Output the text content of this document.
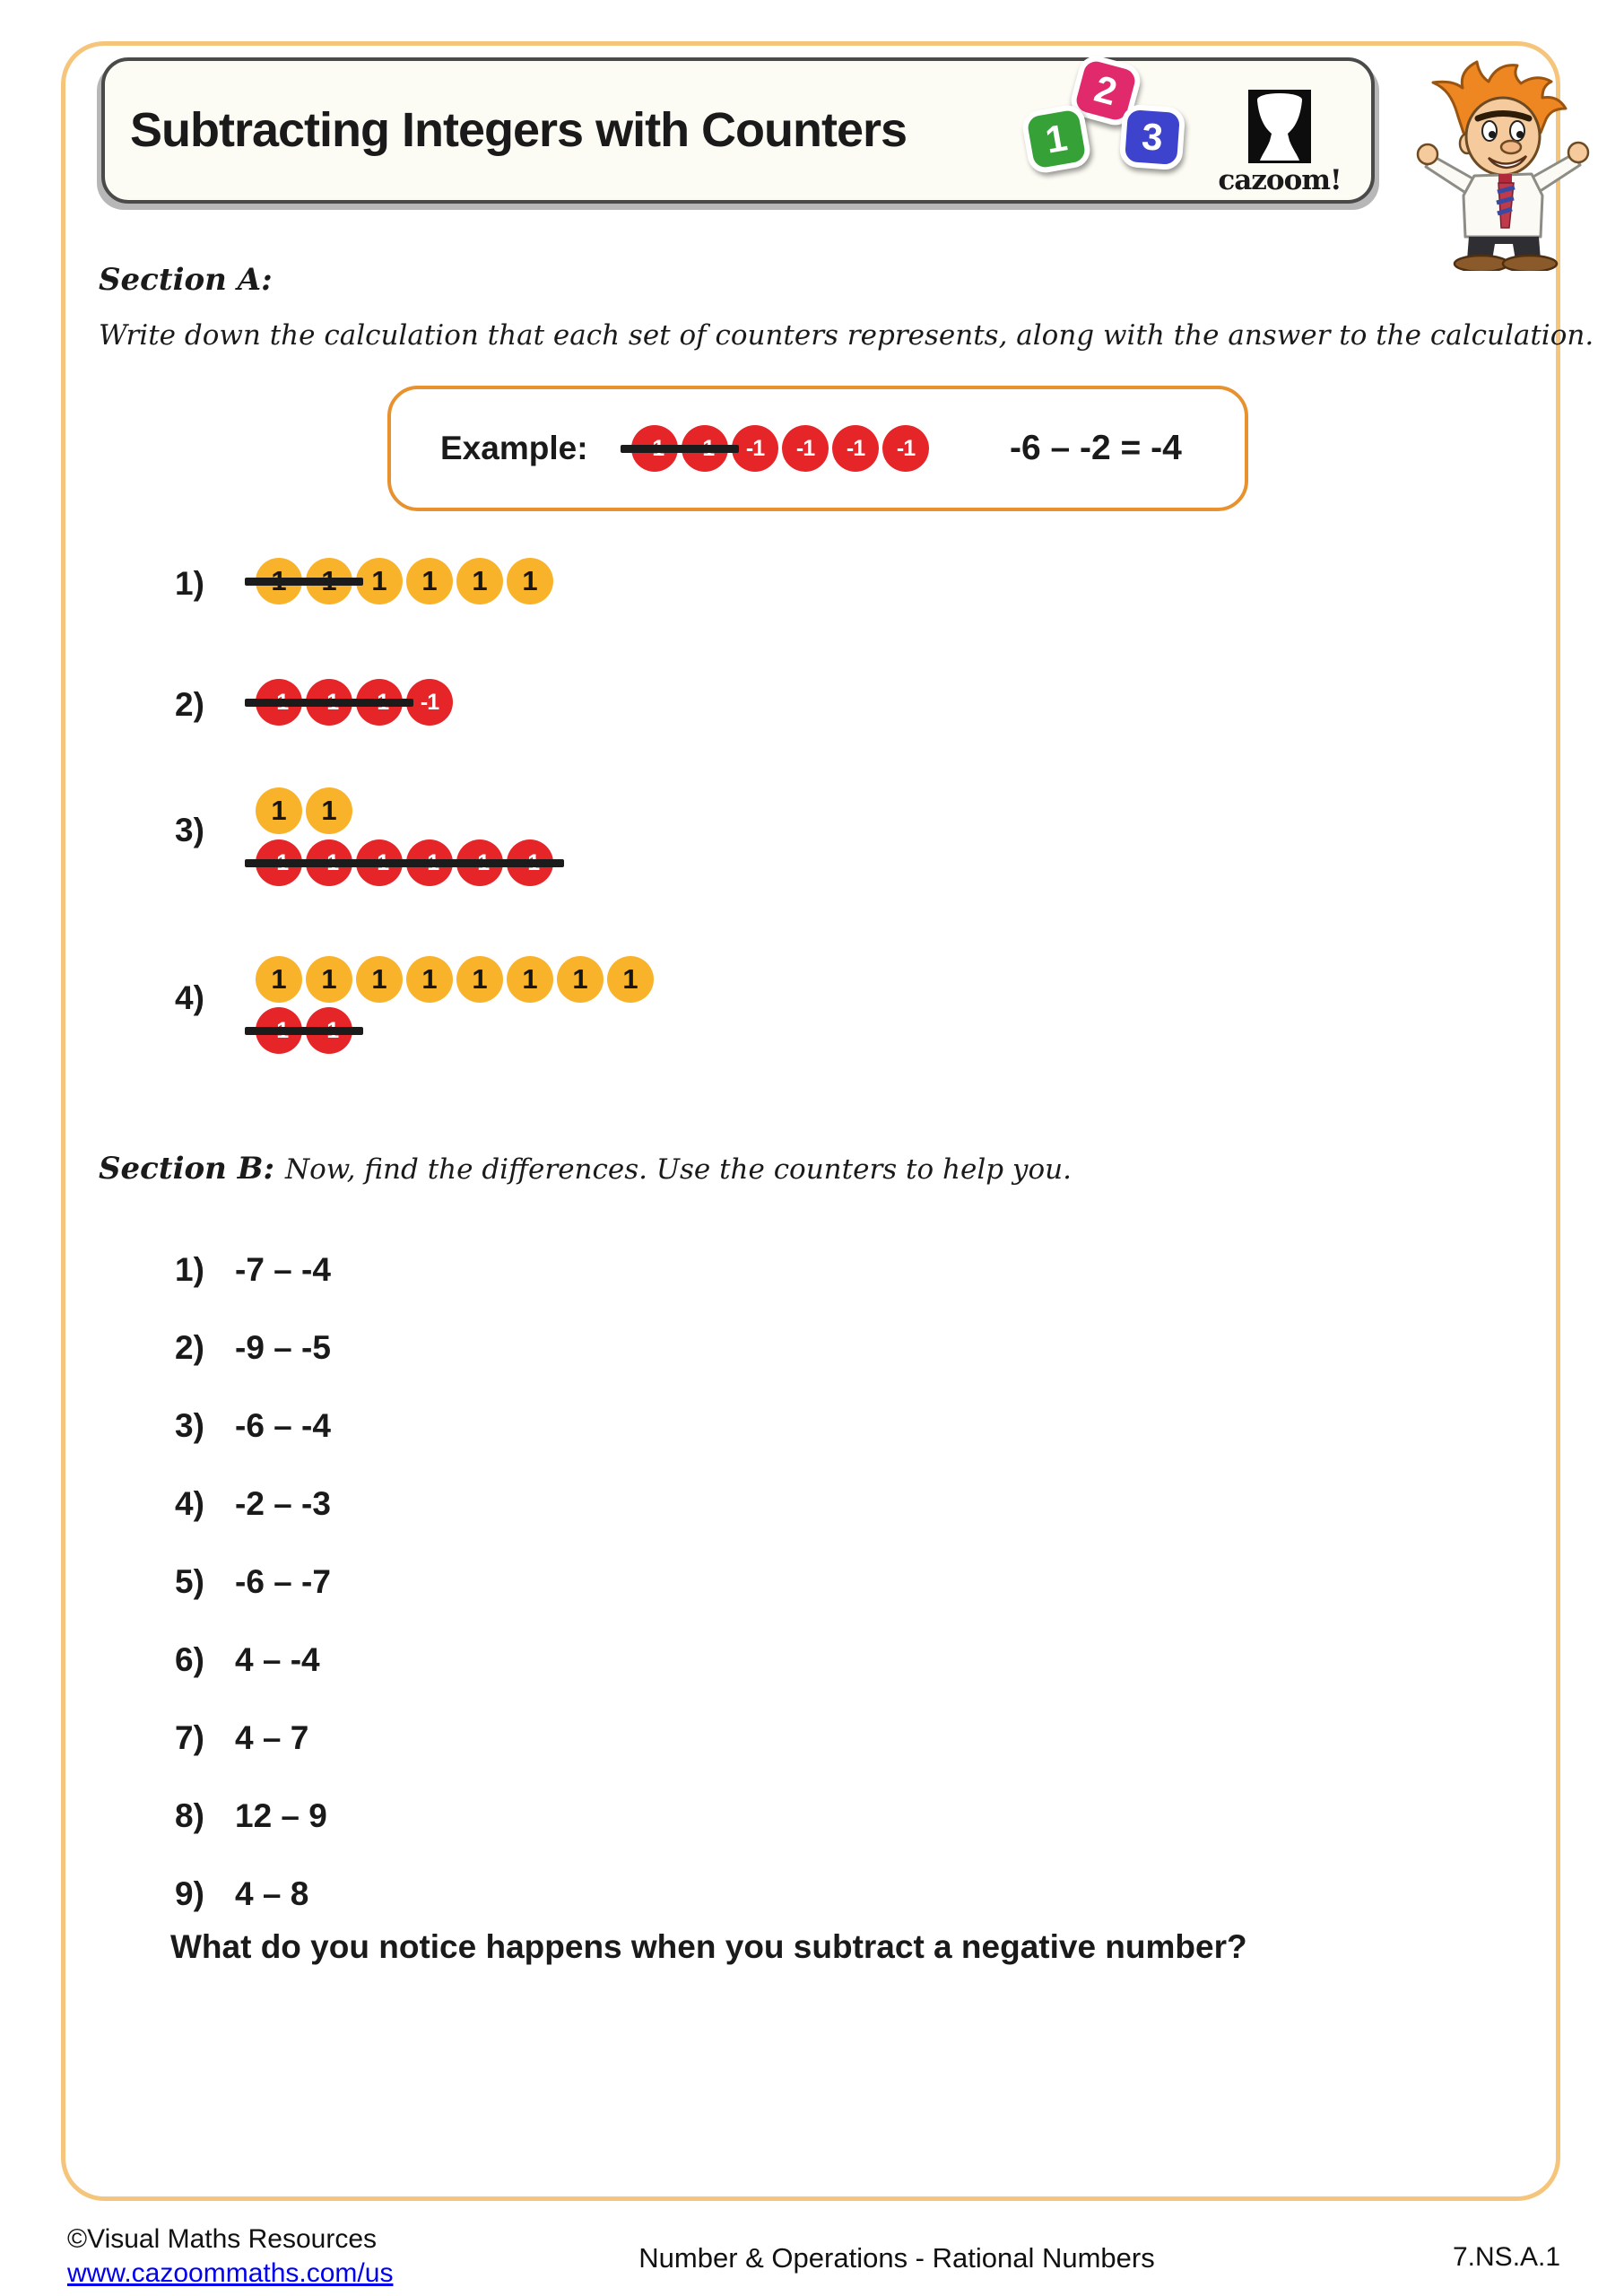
Subtracting Integers with Counters
2
1 3
cazoom!
Section A:
Write down the calculation that each set of counters represents, along with the answer to the calculation.
Example:	-6 – -2 = -4
-1	-1	-1	-1
1)
2)
3)
4)
Section B: Now, find the differences. Use the counters to help you.
1) -7 – -4
2) -9 – -5
3) -6 – -4
4) -2 – -3
5) -6 – -7
6) 4 – -4
7) 4 – 7
8) 12 – 9
9) 4 – 8
What do you notice happens when you subtract a negative number?
©Visual Maths Resources
www.cazoommaths.com/us	Number & Operations - Rational Numbers	7.NS.A.1
1	1	1	1
-1
1	1
1	1	1	1	1	1	1	1
